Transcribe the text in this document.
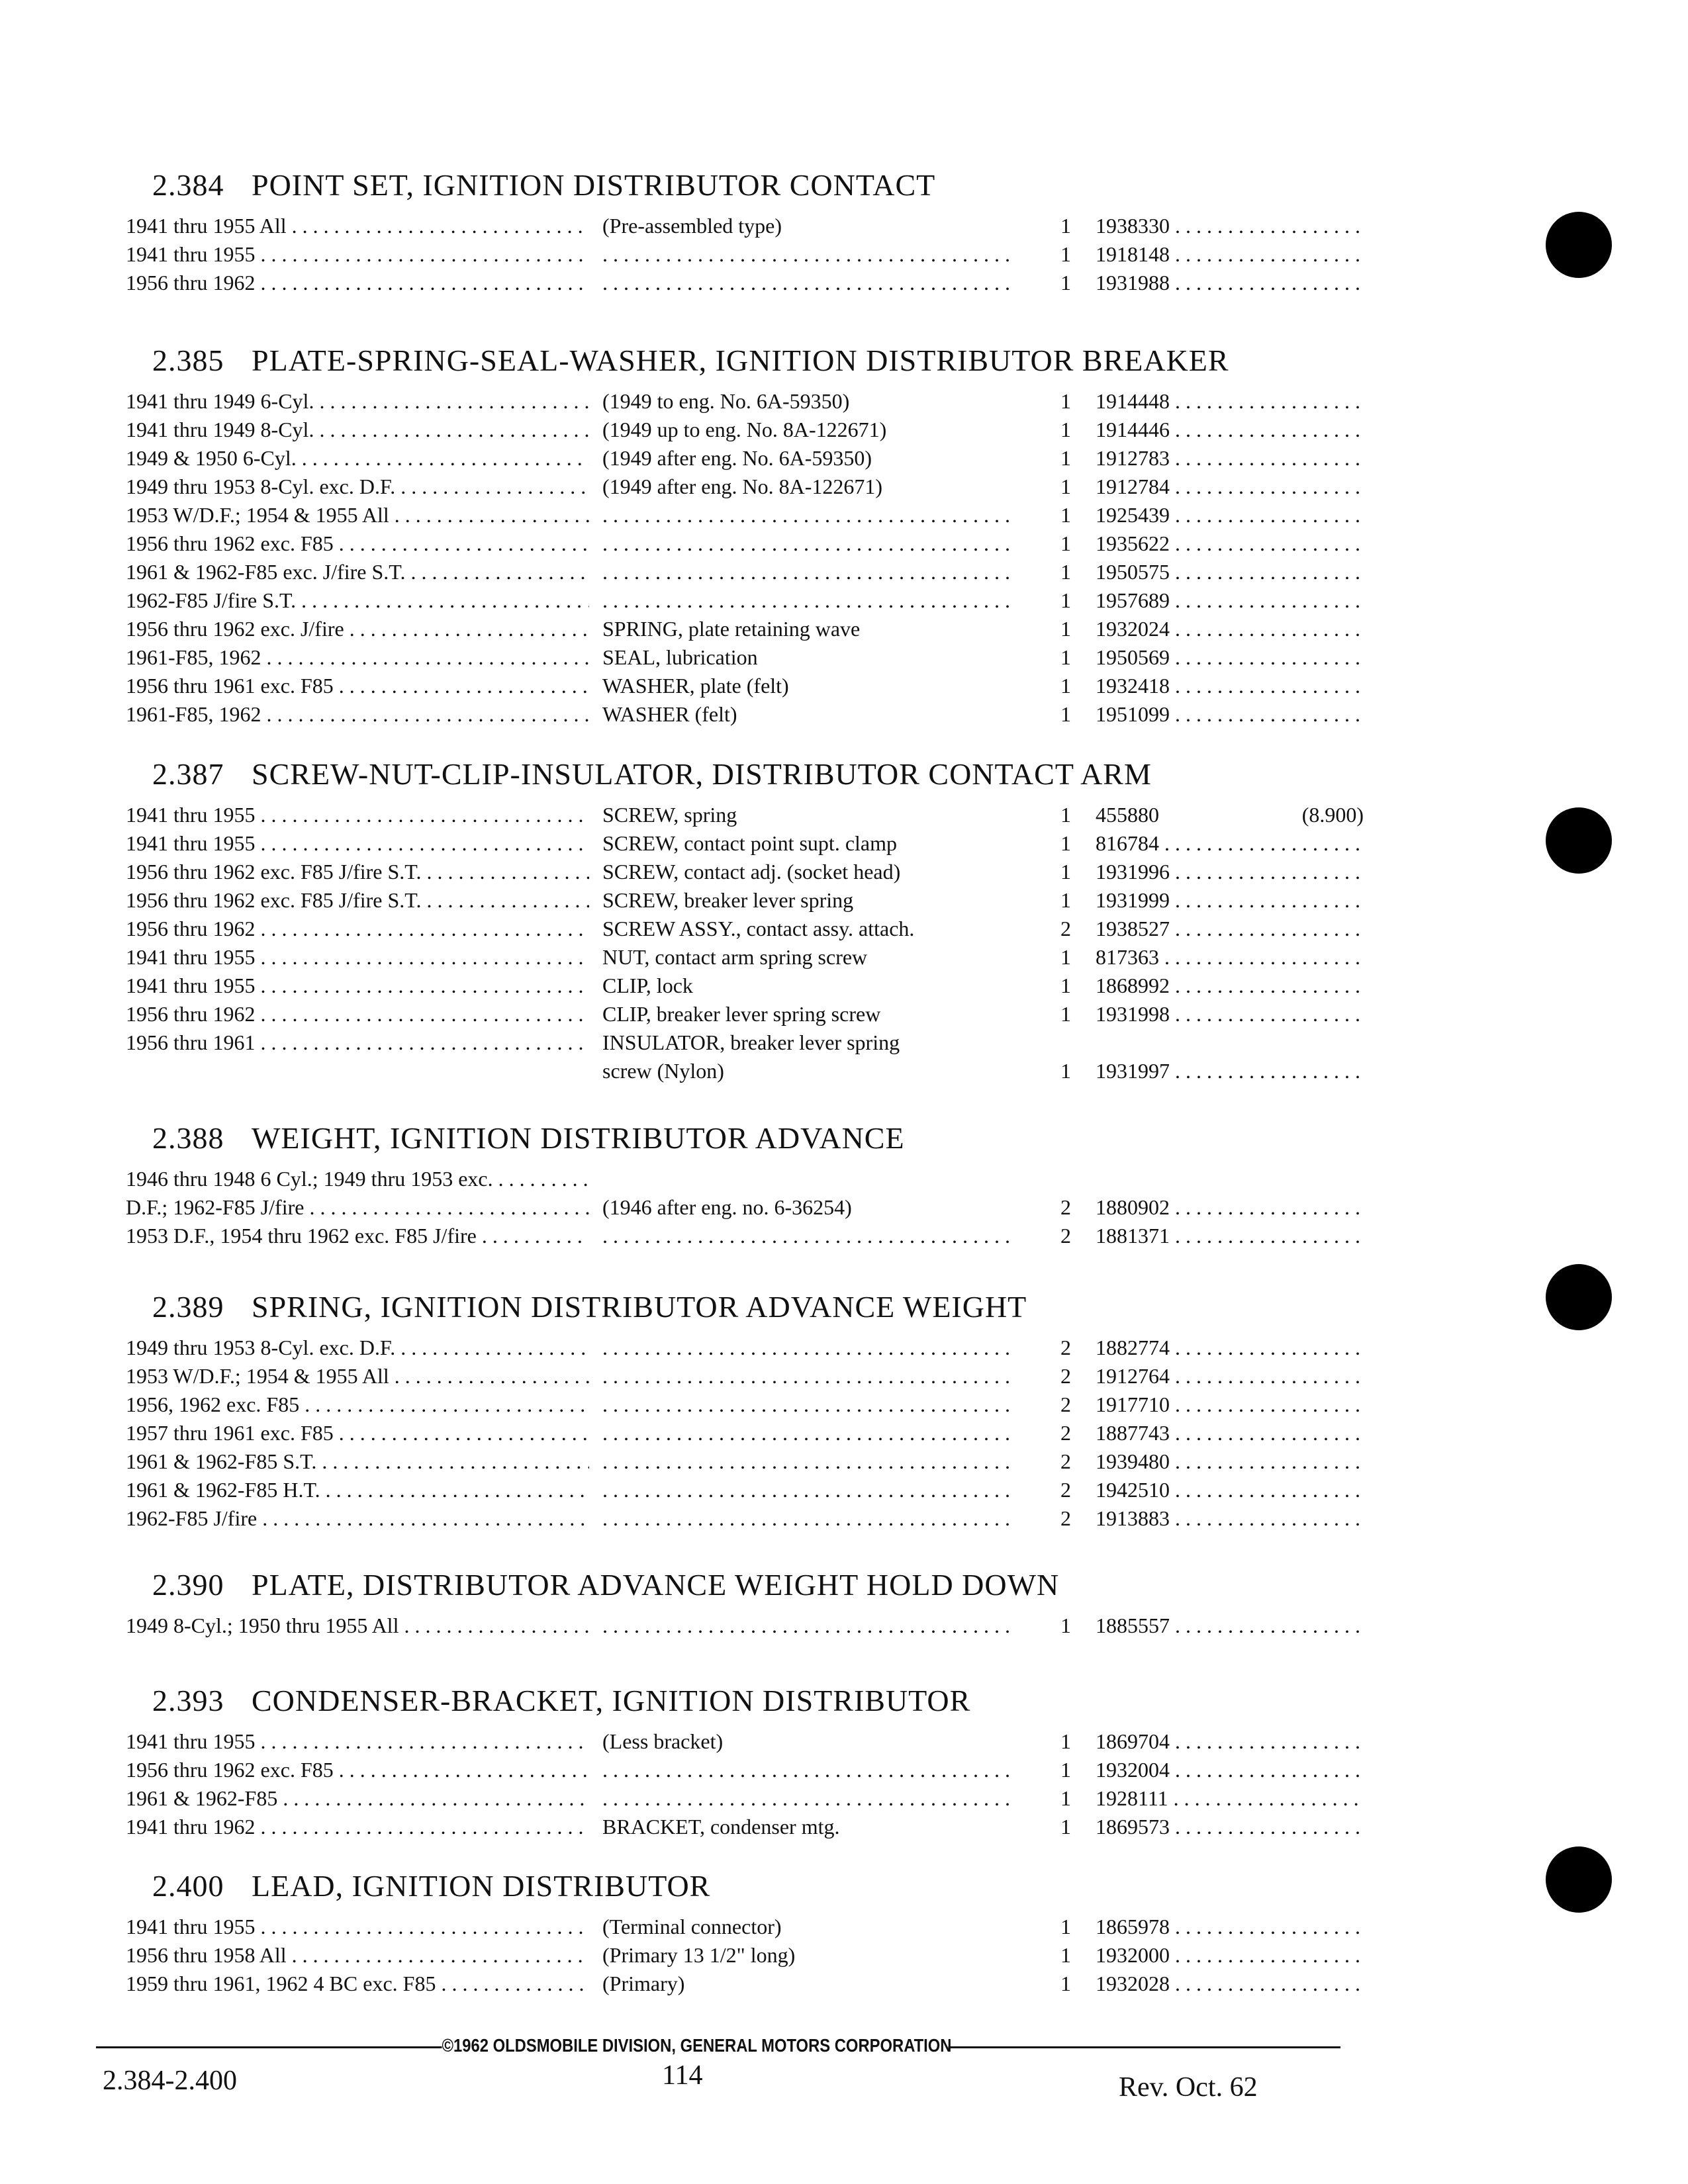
2.384 POINT SET, IGNITION DISTRIBUTOR CONTACT
1941 thru 1955 All . . .	(Pre-assembled type)	1	1938330 . . .
1941 thru 1955 . . . . . .	1	1918148 . . .
1956 thru 1962 . . . . . .	1	1931988 . . .
2.385 PLATE-SPRING-SEAL-WASHER, IGNITION DISTRIBUTOR BREAKER
1941 thru 1949 6-Cyl. . . .	(1949 to eng. No. 6A-59350)	1	1914448 . . .
1941 thru 1949 8-Cyl. . . .	(1949 up to eng. No. 8A-122671)	1	1914446 . . .
1949 & 1950 6-Cyl. . . .	(1949 after eng. No. 6A-59350)	1	1912783 . . .
1949 thru 1953 8-Cyl. exc. D.F. . . .	(1949 after eng. No. 8A-122671)	1	1912784 . . .
1953 W/D.F.; 1954 & 1955 All . . . . . .	1	1925439 . . .
1956 thru 1962 exc. F85 . . . . . .	1	1935622 . . .
1961 & 1962-F85 exc. J/fire S.T. . . . . . .	1	1950575 . . .
1962-F85 J/fire S.T. . . . . . .	1	1957689 . . .
1956 thru 1962 exc. J/fire . . .	SPRING, plate retaining wave	1	1932024 . . .
1961-F85, 1962 . . .	SEAL, lubrication	1	1950569 . . .
1956 thru 1961 exc. F85 . . .	WASHER, plate (felt)	1	1932418 . . .
1961-F85, 1962 . . .	WASHER (felt)	1	1951099 . . .
2.387 SCREW-NUT-CLIP-INSULATOR, DISTRIBUTOR CONTACT ARM
1941 thru 1955 . . .	SCREW, spring	1	455880	(8.900)
1941 thru 1955 . . .	SCREW, contact point supt. clamp	1	816784 . . .
1956 thru 1962 exc. F85 J/fire S.T. . . .	SCREW, contact adj. (socket head)	1	1931996 . . .
1956 thru 1962 exc. F85 J/fire S.T. . . .	SCREW, breaker lever spring	1	1931999 . . .
1956 thru 1962 . . .	SCREW ASSY., contact assy. attach.	2	1938527 . . .
1941 thru 1955 . . .	NUT, contact arm spring screw	1	817363 . . .
1941 thru 1955 . . .	CLIP, lock	1	1868992 . . .
1956 thru 1962 . . .	CLIP, breaker lever spring screw	1	1931998 . . .
1956 thru 1961 . . .	INSULATOR, breaker lever spring
screw (Nylon)	1	1931997 . . .
2.388 WEIGHT, IGNITION DISTRIBUTOR ADVANCE
1946 thru 1948 6 Cyl.; 1949 thru 1953 exc. . . .
D.F.; 1962-F85 J/fire . . .	(1946 after eng. no. 6-36254)	2	1880902 . . .
1953 D.F., 1954 thru 1962 exc. F85 J/fire . . . . . .	2	1881371 . . .
2.389 SPRING, IGNITION DISTRIBUTOR ADVANCE WEIGHT
1949 thru 1953 8-Cyl. exc. D.F. . . . . . .	2	1882774 . . .
1953 W/D.F.; 1954 & 1955 All . . . . . .	2	1912764 . . .
1956, 1962 exc. F85 . . . . . .	2	1917710 . . .
1957 thru 1961 exc. F85 . . . . . .	2	1887743 . . .
1961 & 1962-F85 S.T. . . . . . .	2	1939480 . . .
1961 & 1962-F85 H.T. . . . . . .	2	1942510 . . .
1962-F85 J/fire . . . . . .	2	1913883 . . .
2.390 PLATE, DISTRIBUTOR ADVANCE WEIGHT HOLD DOWN
1949 8-Cyl.; 1950 thru 1955 All . . . . . .	1	1885557 . . .
2.393 CONDENSER-BRACKET, IGNITION DISTRIBUTOR
1941 thru 1955 . . .	(Less bracket)	1	1869704 . . .
1956 thru 1962 exc. F85 . . . . . .	1	1932004 . . .
1961 & 1962-F85 . . . . . .	1	1928111 . . .
1941 thru 1962 . . .	BRACKET, condenser mtg.	1	1869573 . . .
2.400 LEAD, IGNITION DISTRIBUTOR
1941 thru 1955 . . .	(Terminal connector)	1	1865978 . . .
1956 thru 1958 All . . .	(Primary 13 1/2" long)	1	1932000 . . .
1959 thru 1961, 1962 4 BC exc. F85 . . .	(Primary)	1	1932028 . . .
©1962 OLDSMOBILE DIVISION, GENERAL MOTORS CORPORATION
2.384-2.400	114	Rev. Oct. 62
